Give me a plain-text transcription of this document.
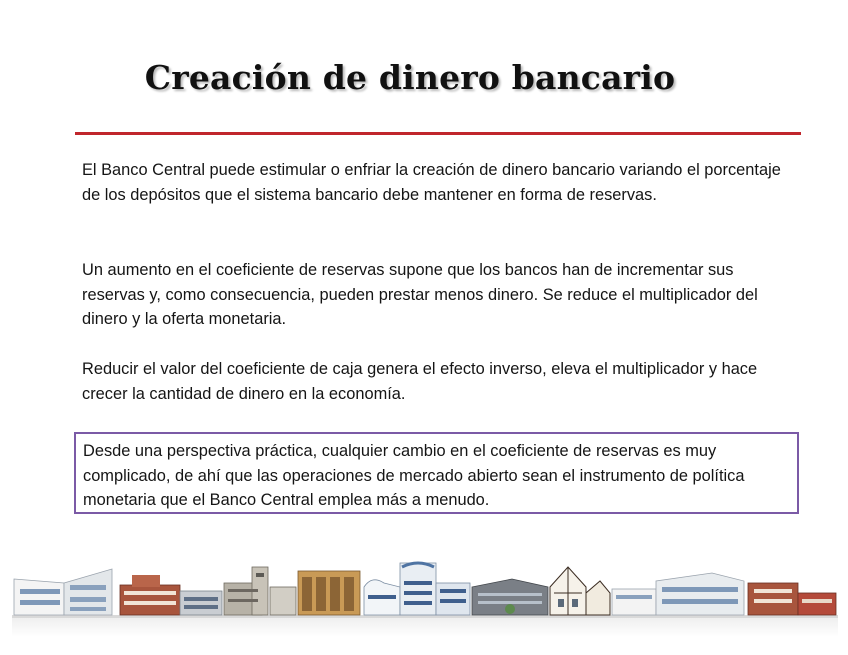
Creación de dinero bancario

El Banco Central puede estimular o enfriar la creación de dinero bancario variando el porcentaje de los depósitos que el sistema bancario debe mantener en forma de reservas.

Un aumento en el coeficiente de reservas supone que los bancos han de incrementar sus reservas y, como consecuencia, pueden prestar menos dinero. Se reduce el multiplicador del dinero y la oferta monetaria.

Reducir el valor del coeficiente de caja genera el efecto inverso, eleva el multiplicador y hace crecer la cantidad de dinero en la economía.

Desde una perspectiva práctica, cualquier cambio en el coeficiente de reservas es muy complicado, de ahí que las operaciones de mercado abierto sean el instrumento de política monetaria que el Banco Central emplea más a menudo.
